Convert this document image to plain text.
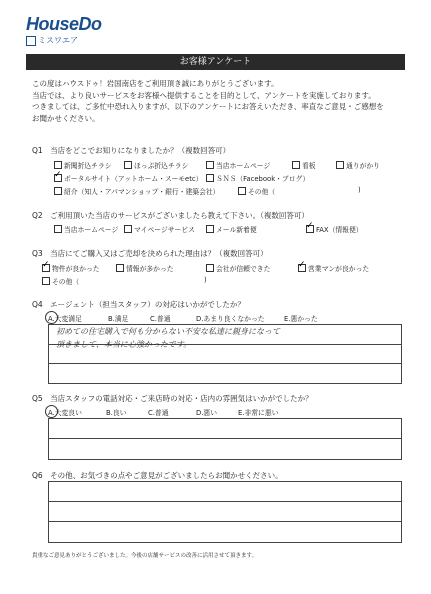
HouseDo
ミスワエア
お客様アンケート
この度はハウスドゥ！岩国南店をご利用頂き誠にありがとうございます。
当店では、より良いサービスをお客様へ提供することを目的として、アンケートを実施しております。
つきましては、ご多忙中恐れ入りますが、以下のアンケートにお答えいただき、率直なご意見・ご感想を
お聞かせください。
Q1　当店をどこでお知りになりましたか？（複数回答可）
新聞折込チラシ	ほっぷ折込チラシ	当店ホームページ	看板	通りがかり
✓
ポータルサイト（アットホーム・スーモetc） ＳＮＳ（Facebook・ブログ）
紹介（知人・アパマンショップ・銀行・建築会社）	その他（	)
Q2　ご利用頂いた当店のサービスがございましたら教えて下さい。（複数回答可）
当店ホームページ マイページサービス	メール新着便 ✓	FAX（情報便）
Q3　当店にてご購入又はご売却を決められた理由は？（複数回答可）
✓
物件が良かった	情報が多かった	会社が信頼できた ✓	営業マンが良かった
その他（	)
Q4　エージェント（担当スタッフ）の対応はいかがでしたか？
A.大変満足	B.満足	C.普通	D.あまり良くなかった	E.悪かった
初めての住宅購入で何も分からない不安な私達に親身になって
頂きまして、本当に心強かったです。
Q5　当店スタッフの電話対応・ご来店時の対応・店内の雰囲気はいかがでしたか？
A.大変良い	B.良い	C.普通	D.悪い	E.非常に悪い
Q6　その他、お気づきの点やご意見がございましたらお聞かせください。
貴重なご意見ありがとうございました。今後の店舗サービスの改善に活用させて頂きます。
